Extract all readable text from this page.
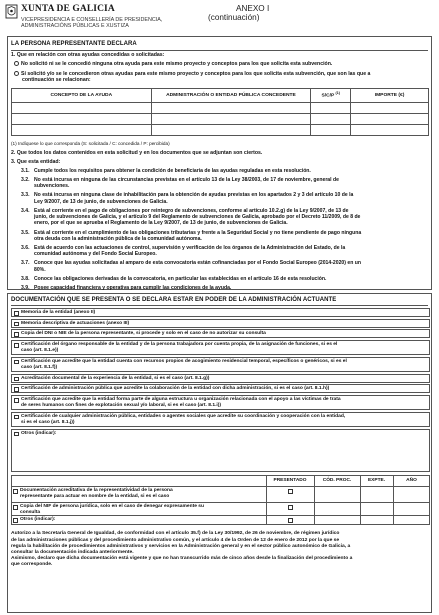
XUNTA DE GALICIA
VICEPRESIDENCIA E CONSELLERÍA DE PRESIDENCIA,
ADMINISTRACIÓNS PÚBLICAS E XUSTIZA
ANEXO I
(continuación)
LA PERSONA REPRESENTANTE DECLARA
1. Que en relación con otras ayudas concedidas o solicitadas:
No solicitó ni se le concedió ninguna otra ayuda para este mismo proyecto y conceptos para los que solicita esta subvención.
Sí solicitó y/o se le concedieron otras ayudas para este mismo proyecto y conceptos para los que solicita esta subvención, que son las que a
continuación se relacionan:
CONCEPTO DE LA AYUDA	ADMINISTRACIÓN O ENTIDAD PÚBLICA CONCEDENTE	S/C/P $^{(1)}$	IMPORTE (€)

(1) Indíquese lo que corresponda (S: solicitada / C: concedida / P: percibida)
2. Que todos los datos contenidos en esta solicitud y en los documentos que se adjuntan son ciertos.
3. Que esta entidad:
3.1. Cumple todos los requisitos para obtener la condición de beneficiaria de las ayudas reguladas en esta resolución.
3.2. No está incursa en ninguna de las circunstancias previstas en el artículo 13 de la Ley 38/2003, de 17 de noviembre, general de
subvenciones.
3.3. No está incursa en ninguna clase de inhabilitación para la obtención de ayudas previstas en los apartados 2 y 3 del artículo 10 de la
Ley 9/2007, de 13 de junio, de subvenciones de Galicia.
3.4. Está al corriente en el pago de obligaciones por reintegro de subvenciones, conforme al artículo 10.2.g) de la Ley 9/2007, de 13 de
junio, de subvenciones de Galicia, y el artículo 9 del Reglamento de subvenciones de Galicia, aprobado por el Decreto 11/2009, de 8 de
enero, por el que se aprueba el Reglamento de la Ley 9/2007, de 13 de junio, de subvenciones de Galicia.
3.5. Está al corriente en el cumplimiento de las obligaciones tributarias y frente a la Seguridad Social y no tiene pendiente de pago ninguna
otra deuda con la administración pública de la comunidad autónoma.
3.6. Está de acuerdo con las actuaciones de control, supervisión y verificación de los órganos de la Administración del Estado, de la
comunidad autónoma y del Fondo Social Europeo.
3.7. Conoce que las ayudas solicitadas al amparo de esta convocatoria están cofinanciadas por el Fondo Social Europeo (2014-2020) en un
80%.
3.8. Conoce las obligaciones derivadas de la convocatoria, en particular las establecidas en el artículo 16 de esta resolución.
3.9. Posee capacidad financiera y operativa para cumplir las condiciones de la ayuda.
DOCUMENTACIÓN QUE SE PRESENTA O SE DECLARA ESTAR EN PODER DE LA ADMINISTRACIÓN ACTUANTE
Memoria de la entidad (anexo II)
Memoria descriptiva de actuaciones (anexo III)
Copia del DNI o NIE de la persona representante, si procede y solo en el caso de no autorizar su consulta
Certificación del órgano responsable de la entidad y de la persona trabajadora por cuenta propia, de la asignación de funciones, si es el
caso (art. 8.1.e))
Certificación que acredite que la entidad cuenta con recursos propios de acogimiento residencial temporal, específicos o genéricos, si es el
caso (art. 8.1.f))
Acreditación documental de la experiencia de la entidad, si es el caso (art. 8.1.g))
Certificación de administración pública que acredite la colaboración de la entidad con dicha administración, si es el caso (art. 8.1.h))
Certificación que acredite que la entidad forma parte de alguna estructura u organización relacionada con el apoyo a las víctimas de trata
de seres humanos con fines de explotación sexual y/o laboral, si es el caso (art. 8.1.i))
Certificación de cualquier administración pública, entidades o agentes sociales que acredite su coordinación y cooperación con la entidad,
si es el caso (art. 8.1.j))
Otros (indicar):
PRESENTADO	CÓD. PROC.	EXPTE.	AÑO
Documentación acreditativa de la representatividad de la persona
representante para actuar en nombre de la entidad, si es el caso
Copia del NIF de persona jurídica, solo en el caso de denegar expresamente su
consulta
Otros (indicar):
Autorizo a la Secretaría General de Igualdad, de conformidad con el artículo 35.f) de la Ley 30/1992, de 26 de noviembre, de régimen jurídico
de las administraciones públicas y del procedimiento administrativo común, y el artículo 4 de la Orden de 12 de enero de 2012 por la que se
regula la habilitación de procedimientos administrativos y servicios en la Administración general y en el sector público autonómico de Galicia, a
consultar la documentación indicada anteriormente.
Asimismo, declaro que dicha documentación está vigente y que no han transcurrido más de cinco años desde la finalización del procedimiento a
que corresponde.
